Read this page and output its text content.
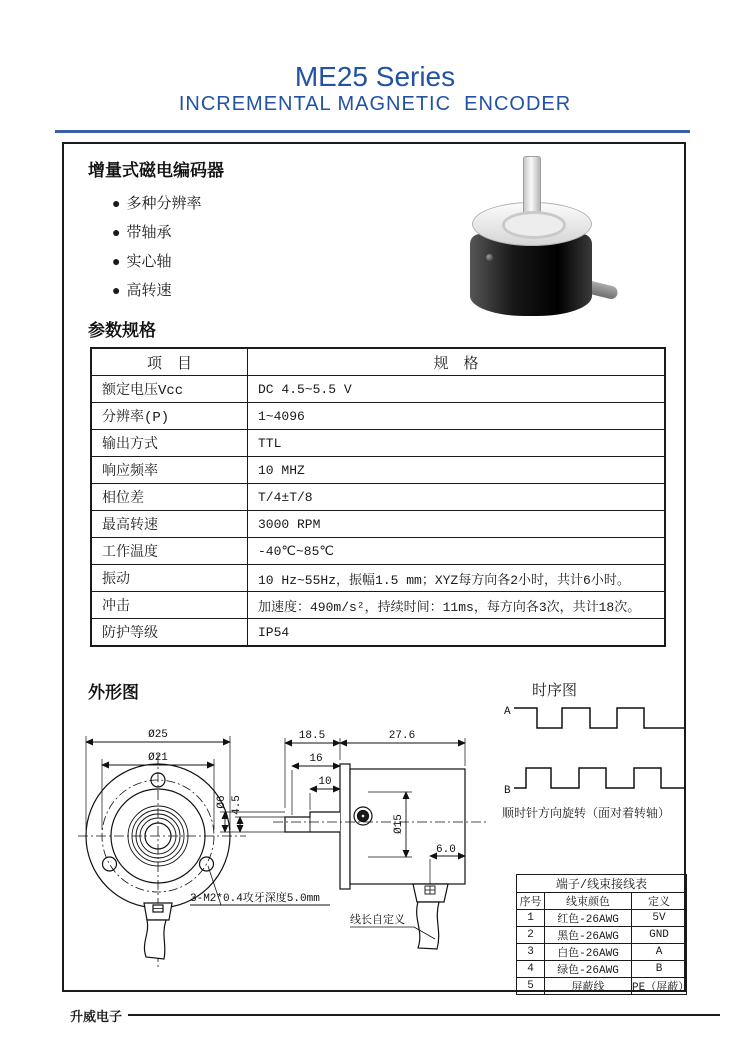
ME25 Series
INCREMENTAL MAGNETIC  ENCODER
增量式磁电编码器
● 多种分辨率
● 带轴承
● 实心轴
● 高转速
参数规格
项　目	规　格
额定电压Vcc	DC 4.5~5.5 V
分辨率(P)	1~4096
输出方式	TTL
响应频率	10 MHZ
相位差	T/4±T/8
最高转速	3000 RPM
工作温度	-40℃~85℃
振动	10 Hz~55Hz，振幅1.5 mm；XYZ每方向各2小时，共计6小时。
冲击	加速度：490m/s²，持续时间：11ms，每方向各3次，共计18次。
防护等级	IP54
外形图
Ø25
Ø21
3-M2*0.4攻牙深度5.0mm
18.5	27.6
16
10
Ø6 4.5
Ø15
6.0
线长自定义
时序图
A
B
顺时针方向旋转（面对着转轴）
端子/线束接线表		
序号	线束颜色	定义
1	红色-26AWG	5V
2	黑色-26AWG	GND
3	白色-26AWG	A
4	绿色-26AWG	B
5	屏蔽线	PE（屏蔽）
升威电子
